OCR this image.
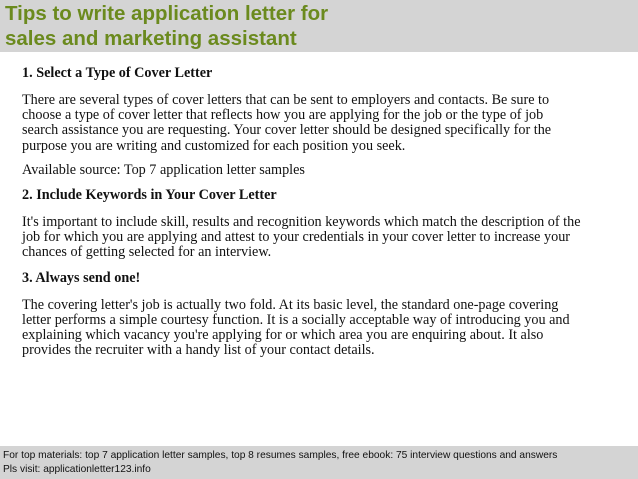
Tips to write application letter for
sales and marketing assistant
1. Select a Type of Cover Letter

There are several types of cover letters that can be sent to employers and contacts. Be sure to

choose a type of cover letter that reflects how you are applying for the job or the type of job

search assistance you are requesting. Your cover letter should be designed specifically for the

purpose you are writing and customized for each position you seek.

Available source: Top 7 application letter samples

2. Include Keywords in Your Cover Letter

It's important to include skill, results and recognition keywords which match the description of the

job for which you are applying and attest to your credentials in your cover letter to increase your

chances of getting selected for an interview.

3. Always send one!

The covering letter's job is actually two fold. At its basic level, the standard one-page covering

letter performs a simple courtesy function. It is a socially acceptable way of introducing you and

explaining which vacancy you're applying for or which area you are enquiring about. It also

provides the recruiter with a handy list of your contact details.

For top materials: top 7 application letter samples, top 8 resumes samples, free ebook: 75 interview questions and answers
Pls visit: applicationletter123.info
